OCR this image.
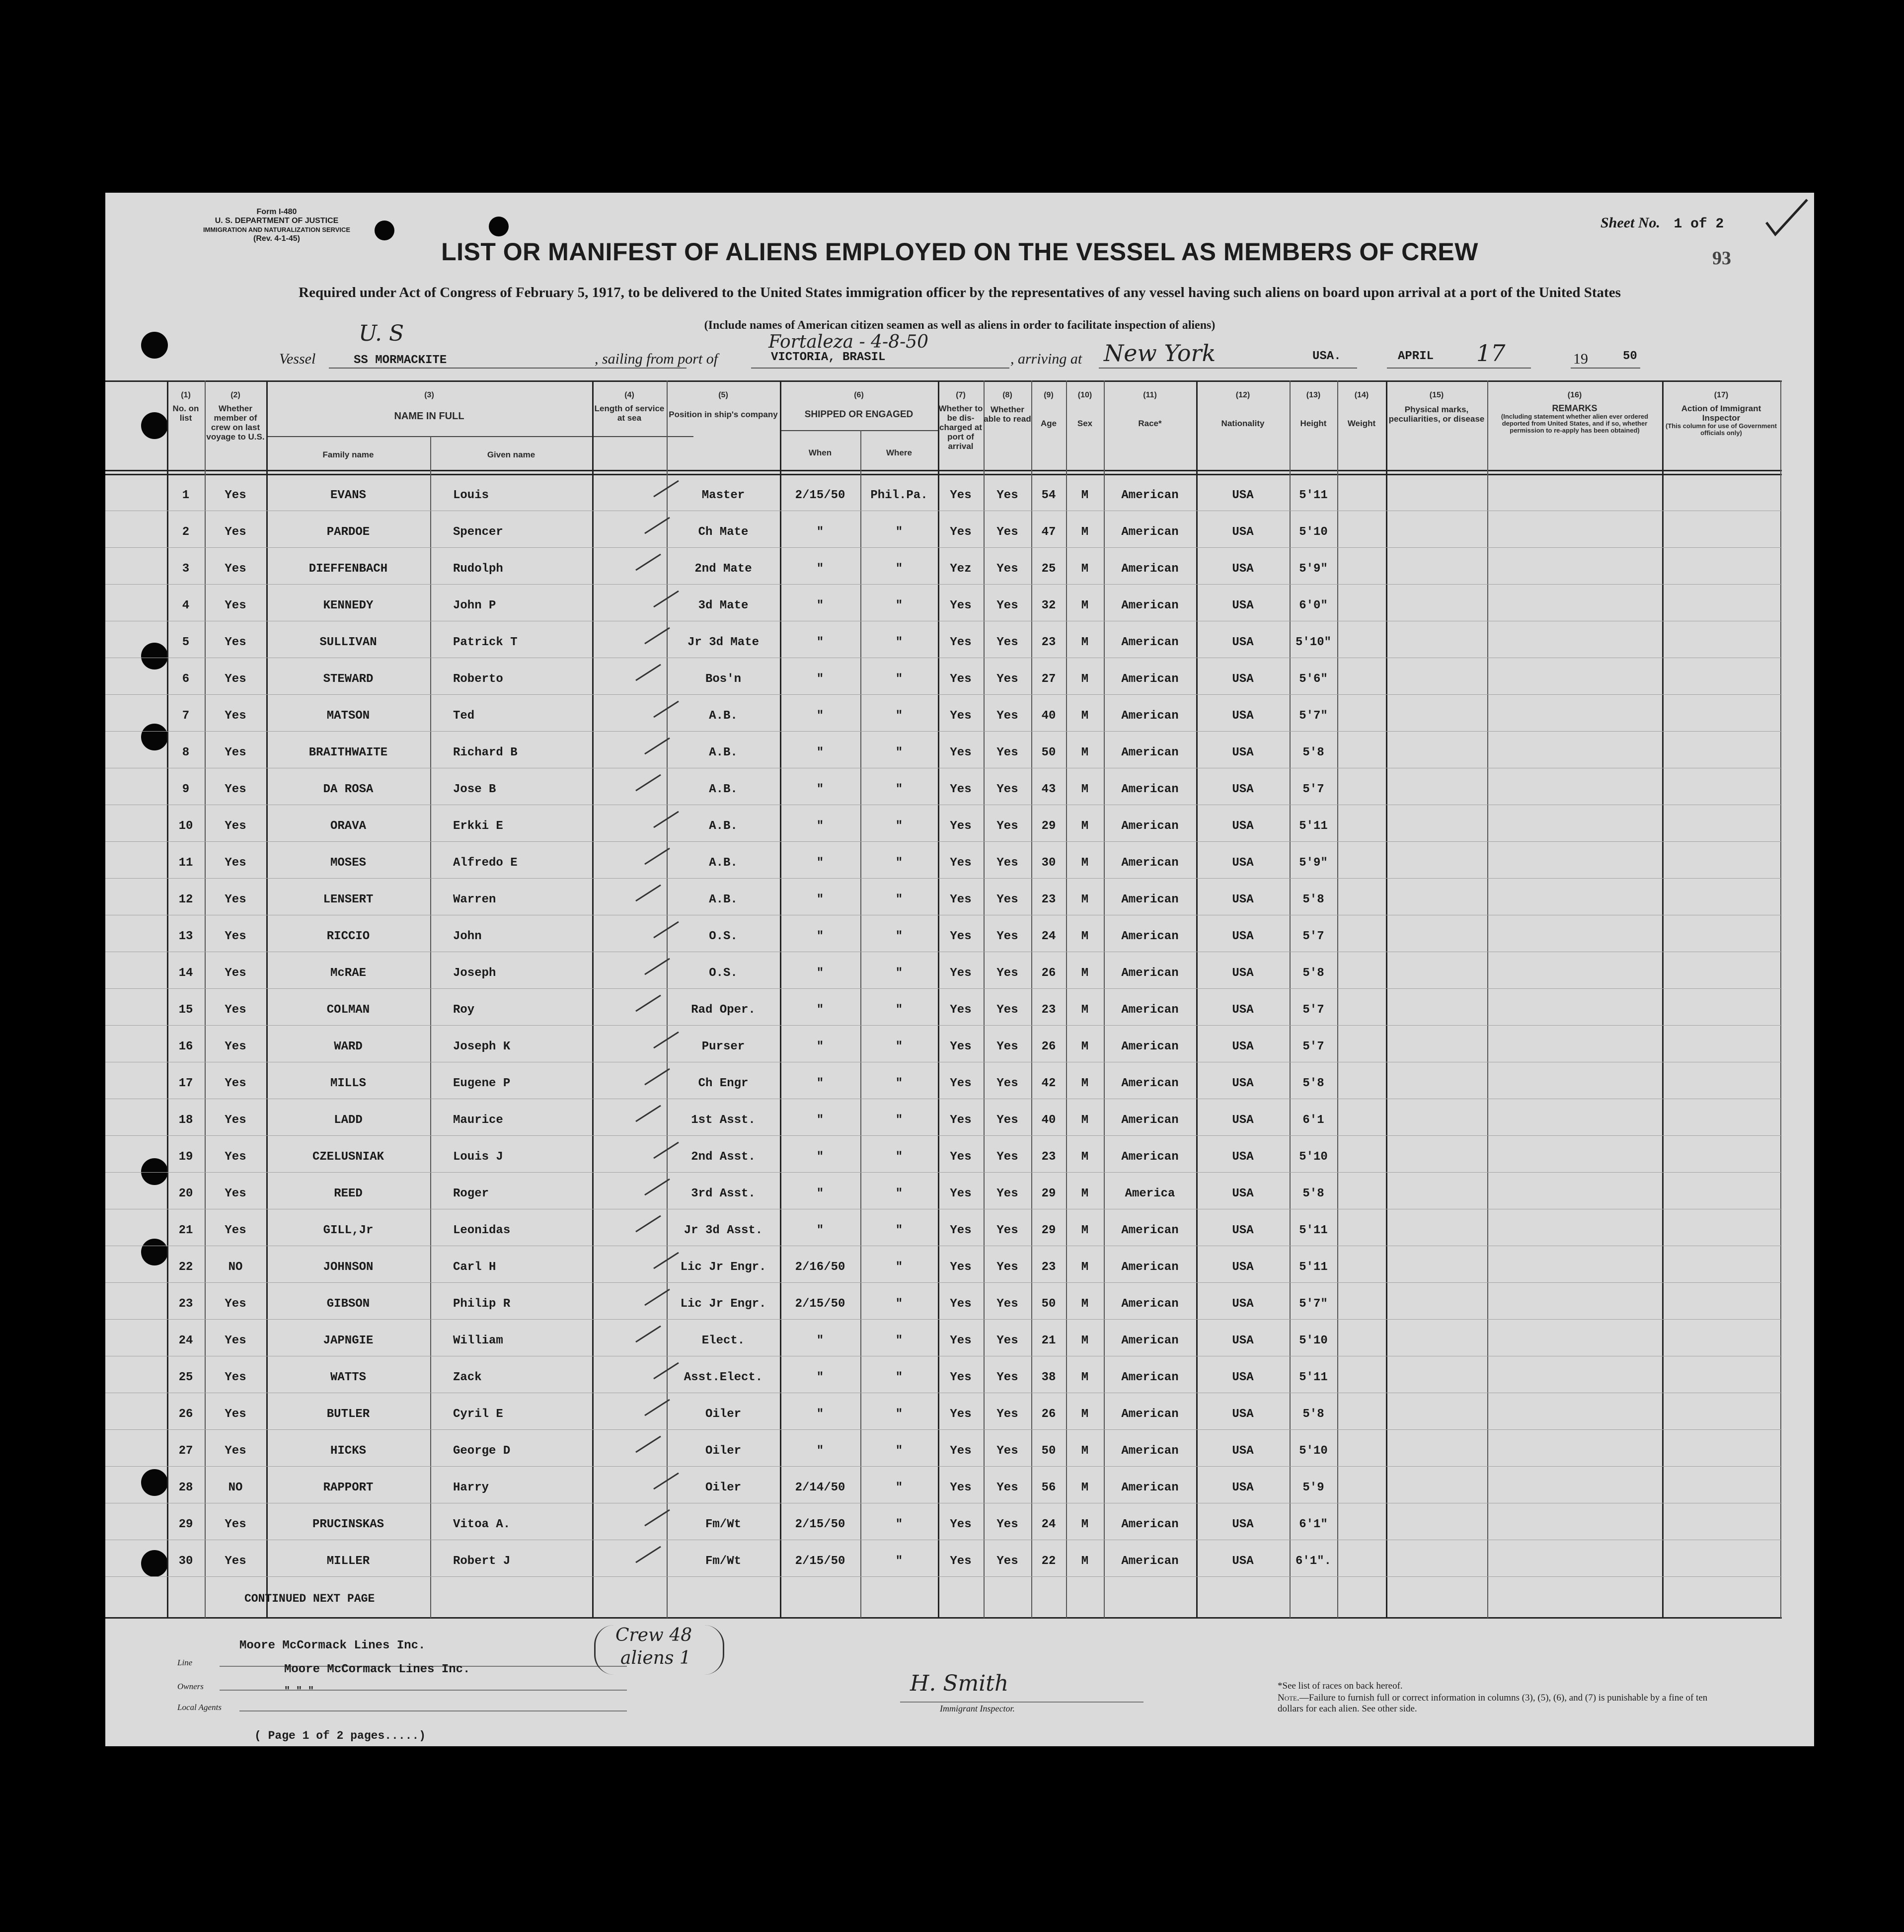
Form I-480
U. S. DEPARTMENT OF JUSTICE
IMMIGRATION AND NATURALIZATION SERVICE
(Rev. 4-1-45)
Sheet No. 1 of 2
93
LIST OR MANIFEST OF ALIENS EMPLOYED ON THE VESSEL AS MEMBERS OF CREW
Required under Act of Congress of February 5, 1917, to be delivered to the United States immigration officer by the representatives of any vessel having such aliens on board upon arrival at a port of the United States
(Include names of American citizen seamen as well as aliens in order to facilitate inspection of aliens)
U. S
Vessel	SS MORMACKITE	, sailing from port of
Fortaleza - 4-8-50
VICTORIA, BRASIL	, arriving at New York	USA.	APRIL 17	19	50
(1)
No. on list
(2)
Whether member of crew on last voyage to U.S.
(3)
NAME IN FULL
Family name	Given name
(4)
Length of service at sea
(5)
Position in ship's company
(6)
SHIPPED OR ENGAGED
When	Where
(7)
Whether to be dis-charged at port of arrival
(8)
Whether able to read
(9)
Age
(10)
Sex
(11)
Race*
(12)
Nationality
(13)
Height
(14)
Weight
(15)
Physical marks, peculiarities, or disease
(16)
REMARKS
(Including statement whether alien ever ordered deported from United States, and if so, whether permission to re-apply has been obtained)
(17)
Action of Immigrant Inspector
(This column for use of Government officials only)
1	Yes	EVANS	Louis	Master	2/15/50	Phil.Pa.	Yes	Yes	54	M	American	USA	5'11
2	Yes	PARDOE	Spencer	Ch Mate	"	"	Yes	Yes	47	M	American	USA	5'10
3	Yes	DIEFFENBACH	Rudolph	2nd Mate	"	"	Yez	Yes	25	M	American	USA	5'9"
4	Yes	KENNEDY	John P	3d Mate	"	"	Yes	Yes	32	M	American	USA	6'0"
5	Yes	SULLIVAN	Patrick T	Jr 3d Mate	"	"	Yes	Yes	23	M	American	USA	5'10"
6	Yes	STEWARD	Roberto	Bos'n	"	"	Yes	Yes	27	M	American	USA	5'6"
7	Yes	MATSON	Ted	A.B.	"	"	Yes	Yes	40	M	American	USA	5'7"
8	Yes	BRAITHWAITE	Richard B	A.B.	"	"	Yes	Yes	50	M	American	USA	5'8
9	Yes	DA ROSA	Jose B	A.B.	"	"	Yes	Yes	43	M	American	USA	5'7
10	Yes	ORAVA	Erkki E	A.B.	"	"	Yes	Yes	29	M	American	USA	5'11
11	Yes	MOSES	Alfredo E	A.B.	"	"	Yes	Yes	30	M	American	USA	5'9"
12	Yes	LENSERT	Warren	A.B.	"	"	Yes	Yes	23	M	American	USA	5'8
13	Yes	RICCIO	John	O.S.	"	"	Yes	Yes	24	M	American	USA	5'7
14	Yes	McRAE	Joseph	O.S.	"	"	Yes	Yes	26	M	American	USA	5'8
15	Yes	COLMAN	Roy	Rad Oper.	"	"	Yes	Yes	23	M	American	USA	5'7
16	Yes	WARD	Joseph K	Purser	"	"	Yes	Yes	26	M	American	USA	5'7
17	Yes	MILLS	Eugene P	Ch Engr	"	"	Yes	Yes	42	M	American	USA	5'8
18	Yes	LADD	Maurice	1st Asst.	"	"	Yes	Yes	40	M	American	USA	6'1
19	Yes	CZELUSNIAK	Louis J	2nd Asst.	"	"	Yes	Yes	23	M	American	USA	5'10
20	Yes	REED	Roger	3rd Asst.	"	"	Yes	Yes	29	M	America	USA	5'8
21	Yes	GILL,Jr	Leonidas	Jr 3d Asst.	"	"	Yes	Yes	29	M	American	USA	5'11
22	NO	JOHNSON	Carl H	Lic Jr Engr.	2/16/50	"	Yes	Yes	23	M	American	USA	5'11
23	Yes	GIBSON	Philip R	Lic Jr Engr.	2/15/50	"	Yes	Yes	50	M	American	USA	5'7"
24	Yes	JAPNGIE	William	Elect.	"	"	Yes	Yes	21	M	American	USA	5'10
25	Yes	WATTS	Zack	Asst.Elect.	"	"	Yes	Yes	38	M	American	USA	5'11
26	Yes	BUTLER	Cyril E	Oiler	"	"	Yes	Yes	26	M	American	USA	5'8
27	Yes	HICKS	George D	Oiler	"	"	Yes	Yes	50	M	American	USA	5'10
28	NO	RAPPORT	Harry	Oiler	2/14/50	"	Yes	Yes	56	M	American	USA	5'9
29	Yes	PRUCINSKAS	Vitoa A.	Fm/Wt	2/15/50	"	Yes	Yes	24	M	American	USA	6'1"
30	Yes	MILLER	Robert J	Fm/Wt	2/15/50	"	Yes	Yes	22	M	American	USA	6'1".
CONTINUED NEXT PAGE
Moore McCormack Lines Inc.
Line
Moore McCormack Lines Inc.
Owners	" " "
Local Agents
Crew 48
aliens 1
H. Smith
Immigrant Inspector.
*See list of races on back hereof.
Note.—Failure to furnish full or correct information in columns (3), (5), (6), and (7) is punishable by a fine of ten dollars for each alien. See other side.
( Page 1 of 2 pages.....)
